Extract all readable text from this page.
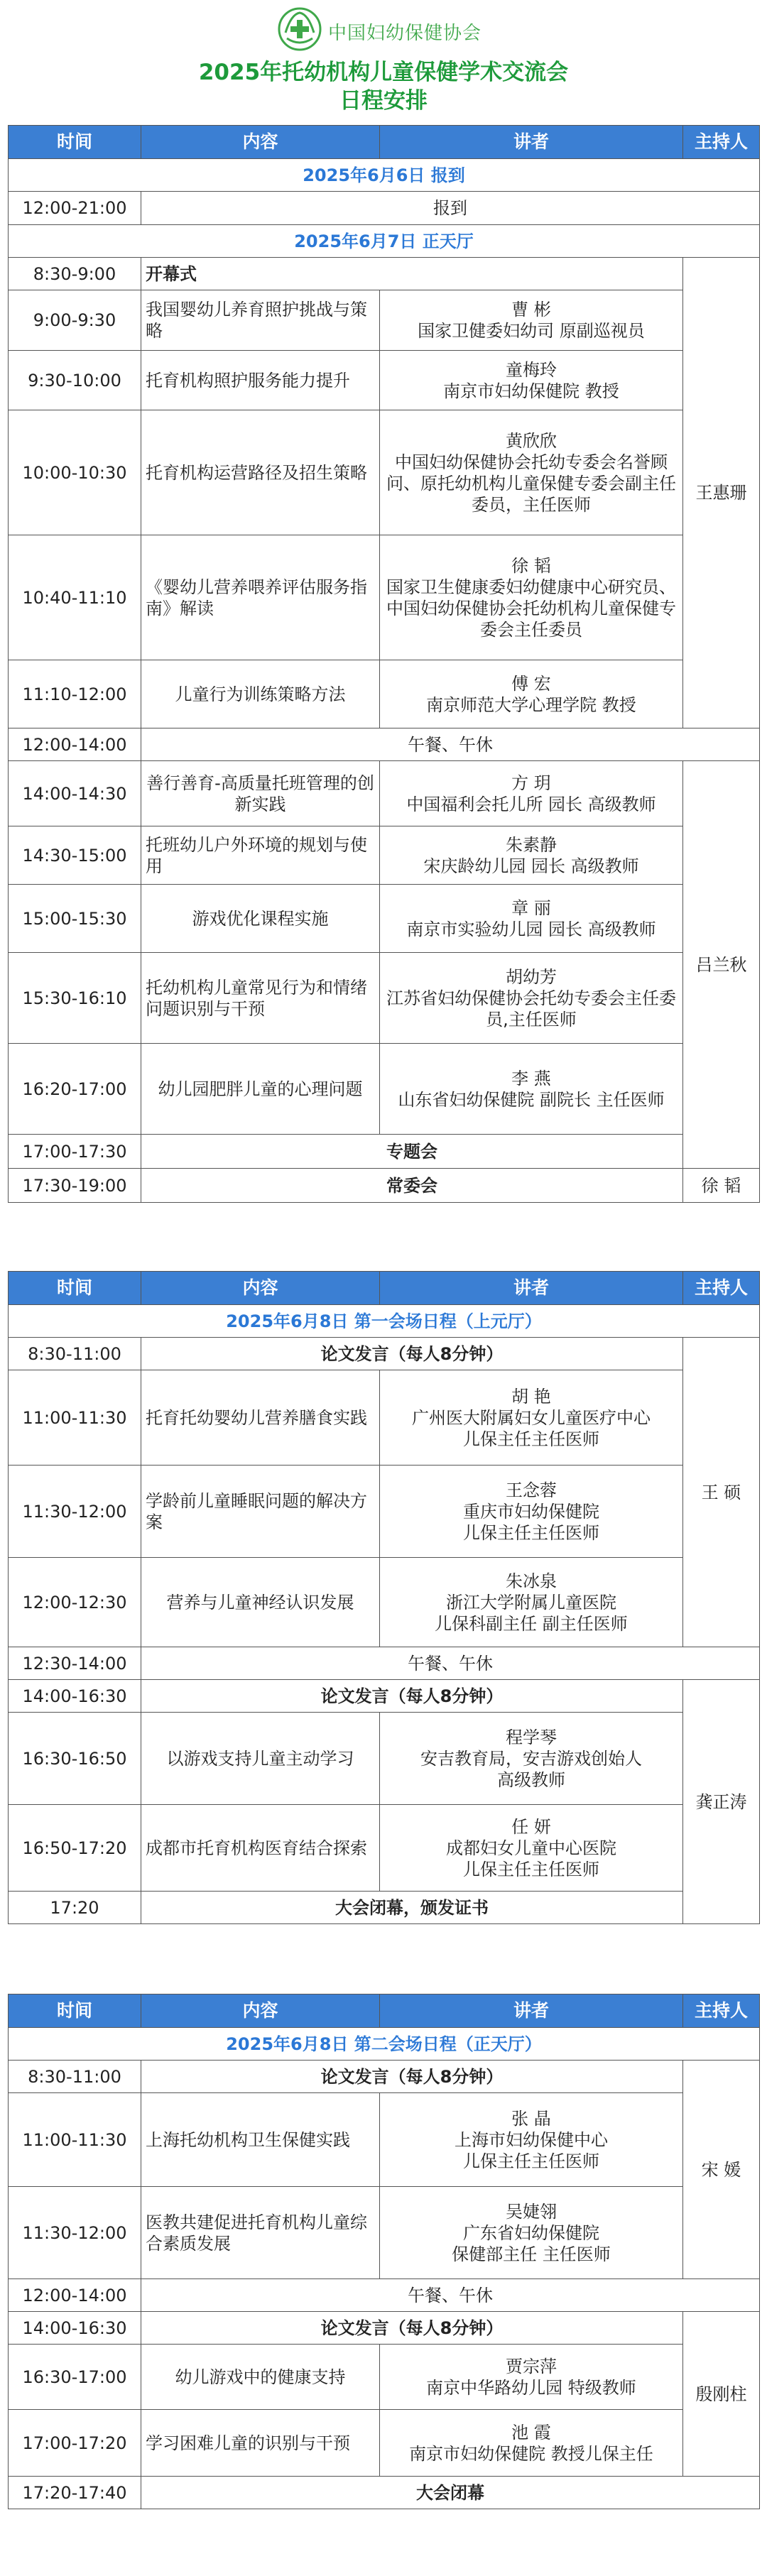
中国妇幼保健协会
2025年托幼机构儿童保健学术交流会
日程安排
时间	内容	讲者	主持人
2025年6月6日 报到			
12:00-21:00	报到		
2025年6月7日 正天厅			
8:30-9:00	开幕式		王惠珊
9:00-9:30	我国婴幼儿养育照护挑战与策略	曹 彬
国家卫健委妇幼司 原副巡视员	

9:30-10:00	托育机构照护服务能力提升	童梅玲
南京市妇幼保健院 教授	

10:00-10:30	托育机构运营路径及招生策略	黄欣欣
中国妇幼保健协会托幼专委会名誉顾问、原托幼机构儿童保健专委会副主任委员，主任医师	

10:40-11:10	《婴幼儿营养喂养评估服务指南》解读	徐 韬
国家卫生健康委妇幼健康中心研究员、中国妇幼保健协会托幼机构儿童保健专委会主任委员	

11:10-12:00	儿童行为训练策略方法	傅 宏
南京师范大学心理学院 教授	

12:00-14:00	午餐、午休		
14:00-14:30	善行善育-高质量托班管理的创新实践	方 玥
中国福利会托儿所 园长 高级教师	吕兰秋
14:30-15:00	托班幼儿户外环境的规划与使用	朱素静
宋庆龄幼儿园 园长 高级教师	

15:00-15:30	游戏优化课程实施	章 丽
南京市实验幼儿园 园长 高级教师	

15:30-16:10	托幼机构儿童常见行为和情绪问题识别与干预	胡幼芳
江苏省妇幼保健协会托幼专委会主任委员,主任医师	

16:20-17:00	幼儿园肥胖儿童的心理问题	李 燕
山东省妇幼保健院 副院长 主任医师	

17:00-17:30	专题会		
17:30-19:00	常委会		徐 韬
时间	内容	讲者	主持人
2025年6月8日 第一会场日程（上元厅）			
8:30-11:00	论文发言（每人8分钟）		王 硕
11:00-11:30	托育托幼婴幼儿营养膳食实践	胡 艳
广州医大附属妇女儿童医疗中心
儿保主任主任医师	

11:30-12:00	学龄前儿童睡眠问题的解决方案	王念蓉
重庆市妇幼保健院
儿保主任主任医师	

12:00-12:30	营养与儿童神经认识发展	朱冰泉
浙江大学附属儿童医院
儿保科副主任 副主任医师	

12:30-14:00	午餐、午休		
14:00-16:30	论文发言（每人8分钟）		龚正涛
16:30-16:50	以游戏支持儿童主动学习	程学琴
安吉教育局，安吉游戏创始人
高级教师	

16:50-17:20	成都市托育机构医育结合探索	任 妍
成都妇女儿童中心医院
儿保主任主任医师	

17:20	大会闭幕，颁发证书		
时间	内容	讲者	主持人
2025年6月8日 第二会场日程（正天厅）			
8:30-11:00	论文发言（每人8分钟）		宋 媛
11:00-11:30	上海托幼机构卫生保健实践	张 晶
上海市妇幼保健中心
儿保主任主任医师	

11:30-12:00	医教共建促进托育机构儿童综合素质发展	吴婕翎
广东省妇幼保健院
保健部主任 主任医师	

12:00-14:00	午餐、午休		
14:00-16:30	论文发言（每人8分钟）		殷刚柱
16:30-17:00	幼儿游戏中的健康支持	贾宗萍
南京中华路幼儿园 特级教师	

17:00-17:20	学习困难儿童的识别与干预	池 霞
南京市妇幼保健院 教授儿保主任	

17:20-17:40	大会闭幕		
